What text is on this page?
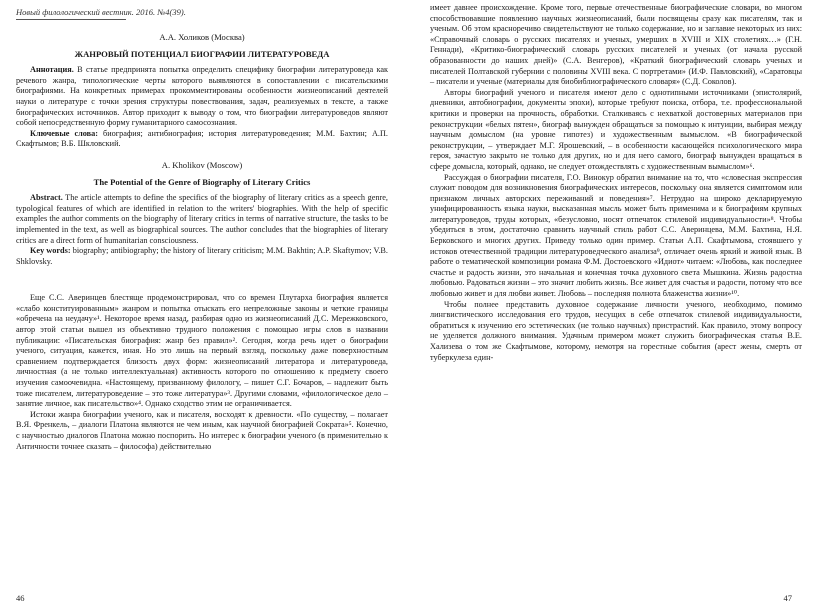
Новый филологический вестник. 2016. №4(39).

А.А. Холиков (Москва)

ЖАНРОВЫЙ ПОТЕНЦИАЛ БИОГРАФИИ ЛИТЕРАТУРОВЕДА

Аннотация. В статье предпринята попытка определить специфику биографии литературоведа как речевого жанра, типологические черты которого выявляются в сопоставлении с писательскими биографиями. На конкретных примерах прокомментированы особенности жизнеописаний деятелей науки о литературе с точки зрения структуры повествования, задач, реализуемых в тексте, а также биографических источников. Автор приходит к выводу о том, что биографии литературоведов являют собой непосредственную форму гуманитарного самосознания.

Ключевые слова: биография; антибиография; история литературоведения; М.М. Бахтин; А.П. Скафтымов; В.Б. Шкловский.

A. Kholikov (Moscow)

The Potential of the Genre of Biography of Literary Critics

Abstract. The article attempts to define the specifics of the biography of literary critics as a speech genre, typological features of which are identified in relation to the writers' biographies. With the help of specific examples the author comments on the biography of literary critics in terms of narrative structure, the tasks to be implemented in the text, as well as biographical sources. The author concludes that the biographies of literary critics are a direct form of humanitarian consciousness.

Key words: biography; antibiography; the history of literary criticism; M.M. Bakhtin; A.P. Skaftymov; V.B. Shklovsky.

Еще С.С. Аверинцев блестяще продемонстрировал, что со времен Плутарха биография является «слабо конституированным» жанром и попытка отыскать его непреложные законы и четкие границы «обречена на неудачу»¹. Некоторое время назад, разбирая одно из жизнеописаний Д.С. Мережковского, автор этой статьи вышел из объективно трудного положения с помощью игры слов в названии публикации: «Писательская биография: жанр без правил»². Сегодня, когда речь идет о биографии ученого, ситуация, кажется, иная. Но это лишь на первый взгляд, поскольку даже поверхностным сравнением подтверждается близость двух форм: жизнеописаний литератора и литературоведа, личностная (а не только интеллектуальная) активность которого по отношению к предмету своего изучения самоочевидна. «Настоящему, призванному филологу, – пишет С.Г. Бочаров, – надлежит быть тоже писателем, литературоведение – это тоже литература»³. Другими словами, «филологическое дело – занятие личное, как писательство»⁴. Однако сходство этим не ограничивается.

Истоки жанра биографии ученого, как и писателя, восходят к древности. «По существу, – полагает В.Я. Френкель, – диалоги Платона являются не чем иным, как научной биографией Сократа»⁵. Конечно, с научностью диалогов Платона можно поспорить. Но интерес к биографии ученого (в применительно к Античности точнее сказать – философа) действительно

46

имеет давнее происхождение. Кроме того, первые отечественные биографические словари, во многом способствовавшие появлению научных жизнеописаний, были посвящены сразу как писателям, так и ученым. Об этом красноречиво свидетельствуют не только содержание, но и заглавие некоторых из них: «Справочный словарь о русских писателях и ученых, умерших в XVIII и XIX столетиях…» (Г.Н. Геннади), «Критико-биографический словарь русских писателей и ученых (от начала русской образованности до наших дней)» (С.А. Венгеров), «Краткий биографический словарь ученых и писателей Полтавской губернии с половины XVIII века. С портретами» (И.Ф. Павловский), «Саратовцы – писатели и ученые (материалы для биобиблиографического словаря» (С.Д. Соколов).

Авторы биографий ученого и писателя имеют дело с однотипными источниками (эпистолярий, дневники, автобиографии, документы эпохи), которые требуют поиска, отбора, т.е. профессиональной критики и проверки на прочность, обработки. Сталкиваясь с нехваткой достоверных материалов при реконструкции «белых пятен», биограф вынужден обращаться за помощью к интуиции, выбирая между научным домыслом (на уровне гипотез) и художественным вымыслом. «В биографической реконструкции, – утверждает М.Г. Ярошевский, – в особенности касающейся психологического мира героя, зачастую закрыто не только для других, но и для него самого, биограф вынужден вращаться в сфере домысла, который, однако, не следует отождествлять с художественным вымыслом»⁶.

Рассуждая о биографии писателя, Г.О. Винокур обратил внимание на то, что «словесная экспрессия служит поводом для возникновения биографических интересов, поскольку она является симптомом или признаком личных авторских переживаний и поведения»⁷. Нетрудно на широко декларируемую унифицированность языка науки, высказанная мысль может быть применима и к биографиям крупных литературоведов, труды которых, «безусловно, носят отпечаток стилевой индивидуальности»⁸. Чтобы убедиться в этом, достаточно сравнить научный стиль работ С.С. Аверинцева, М.М. Бахтина, Н.Я. Берковского и многих других. Приведу только один пример. Статьи А.П. Скафтымова, стоявшего у истоков отечественной традиции литературоведческого анализа⁹, отличает очень яркий и живой язык. В работе о тематической композиции романа Ф.М. Достоевского «Идиот» читаем: «Любовь, как последнее счастье и радость жизни, это начальная и конечная точка духовного света Мышкина. Жизнь радостна любовью. Радоваться жизни – это значит любить жизнь. Все живет для счастья и радости, потому что все любовью живет и для любви живет. Любовь – последняя полнота блаженства жизни»¹⁰.

Чтобы полнее представить духовное содержание личности ученого, необходимо, помимо лингвистического исследования его трудов, несущих в себе отпечаток стилевой индивидуальности, обратиться к изучению его эстетических (не только научных) пристрастий. Как правило, этому вопросу не уделяется должного внимания. Удачным примером может служить биографическая статья В.Е. Хализева о том же Скафтымове, которому, немотря на горестные события (арест жены, смерть от туберкулеза един-

47
